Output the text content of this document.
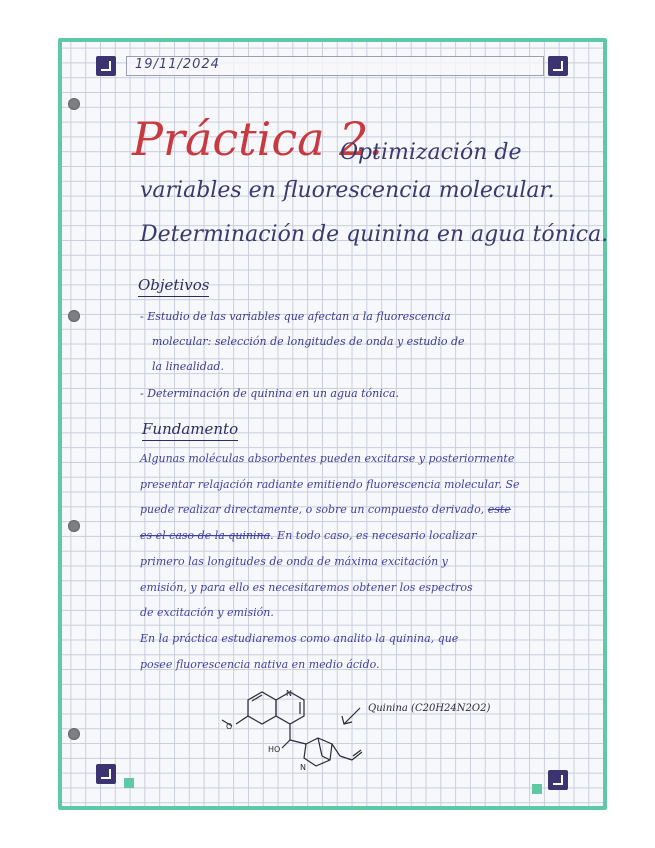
19/11/2024
Práctica 2.
Optimización de
variables en fluorescencia molecular.
Determinación de quinina en agua tónica.
Objetivos
- Estudio de las variables que afectan a la fluorescencia
molecular: selección de longitudes de onda y estudio de
la linealidad.
- Determinación de quinina en un agua tónica.
Fundamento
Algunas moléculas absorbentes pueden excitarse y posteriormente
presentar relajación radiante emitiendo fluorescencia molecular. Se
puede realizar directamente, o sobre un compuesto derivado, este
es el caso de la quinina. En todo caso, es necesario localizar
primero las longitudes de onda de máxima excitación y
emisión, y para ello es necesitaremos obtener los espectros
de excitación y emisión.
En la práctica estudiaremos como analito la quinina, que
posee fluorescencia nativa en medio ácido.
N
O
HO
N
Quinina (C20H24N2O2)
